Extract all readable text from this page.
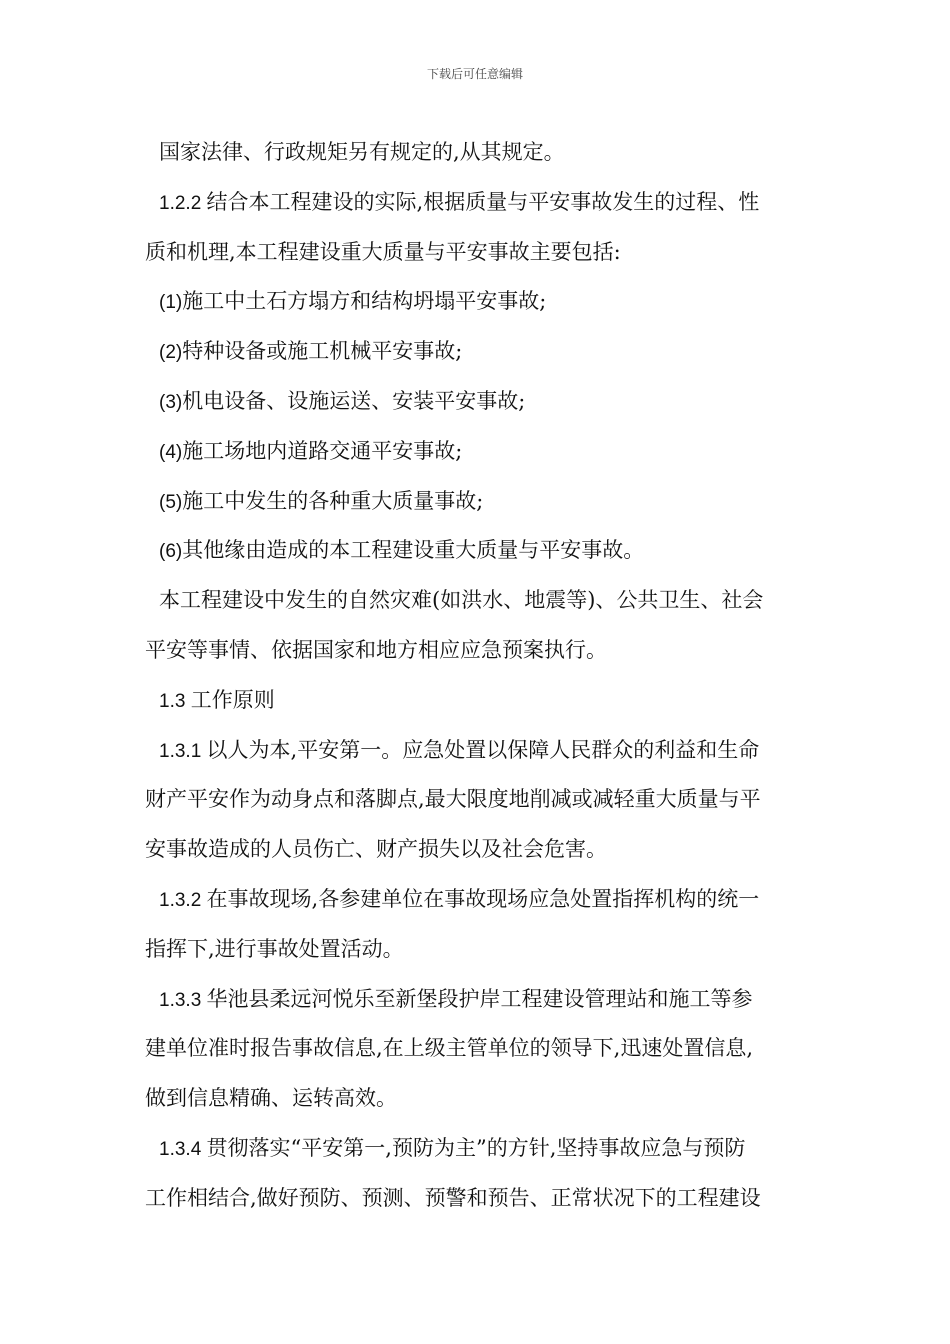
下载后可任意编辑
国家法律、行政规矩另有规定的,从其规定。
1.2.2 结合本工程建设的实际,根据质量与平安事故发生的过程、性
质和机理,本工程建设重大质量与平安事故主要包括:
(1)施工中土石方塌方和结构坍塌平安事故;
(2)特种设备或施工机械平安事故;
(3)机电设备、设施运送、安装平安事故;
(4)施工场地内道路交通平安事故;
(5)施工中发生的各种重大质量事故;
(6)其他缘由造成的本工程建设重大质量与平安事故。
本工程建设中发生的自然灾难(如洪水、地震等)、公共卫生、社会
平安等事情、依据国家和地方相应应急预案执行。
1.3 工作原则
1.3.1 以人为本,平安第一。应急处置以保障人民群众的利益和生命
财产平安作为动身点和落脚点,最大限度地削减或减轻重大质量与平
安事故造成的人员伤亡、财产损失以及社会危害。
1.3.2 在事故现场,各参建单位在事故现场应急处置指挥机构的统一
指挥下,进行事故处置活动。
1.3.3 华池县柔远河悦乐至新堡段护岸工程建设管理站和施工等参
建单位准时报告事故信息,在上级主管单位的领导下,迅速处置信息,
做到信息精确、运转高效。
1.3.4 贯彻落实“平安第一,预防为主”的方针,坚持事故应急与预防
工作相结合,做好预防、预测、预警和预告、正常状况下的工程建设
